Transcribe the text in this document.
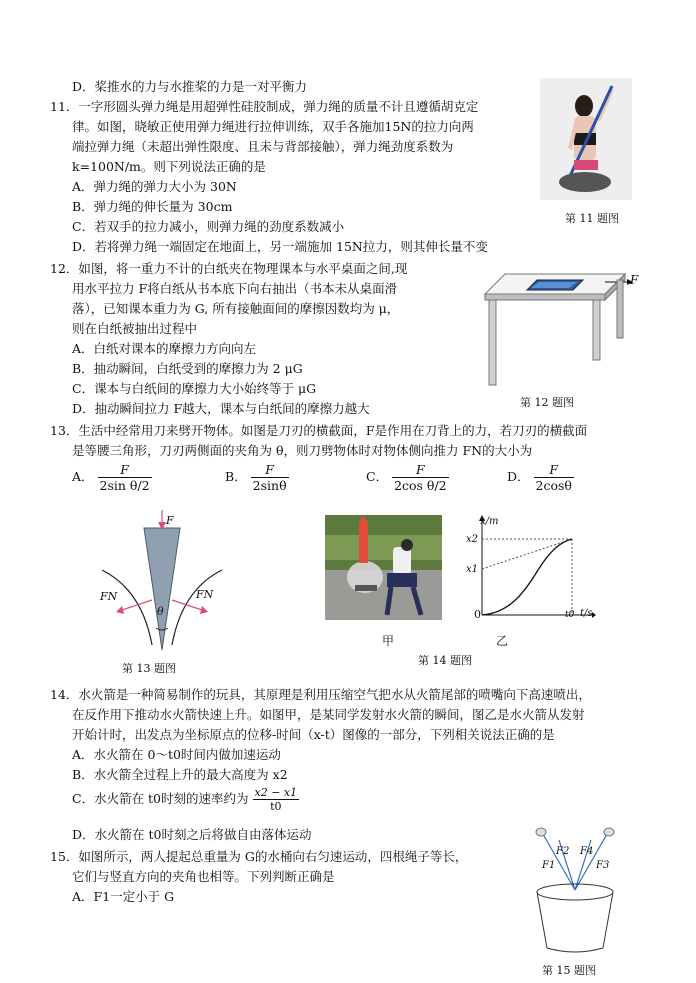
D．桨推水的力与水推桨的力是一对平衡力
11．一字形圆头弹力绳是用超弹性硅胶制成，弹力绳的质量不计且遵循胡克定
律。如图，晓敏正使用弹力绳进行拉伸训练，双手各施加15N的拉力向两
端拉弹力绳（未超出弹性限度、且未与背部接触），弹力绳劲度系数为
k=100N/m。则下列说法正确的是
A．弹力绳的弹力大小为 30N
B．弹力绳的伸长量为 30cm
C．若双手的拉力减小，则弹力绳的劲度系数减小
D．若将弹力绳一端固定在地面上，另一端施加 15N拉力，则其伸长量不变
第 11 题图
12．如图，将一重力不计的白纸夹在物理课本与水平桌面之间,现
用水平拉力 F将白纸从书本底下向右抽出（书本未从桌面滑
落），已知课本重力为 G, 所有接触面间的摩擦因数均为 μ，
则在白纸被抽出过程中
A．白纸对课本的摩擦力方向向左
B．抽动瞬间，白纸受到的摩擦力为 2 μG
C．课本与白纸间的摩擦力大小始终等于 μG
D．抽动瞬间拉力 F越大，课本与白纸间的摩擦力越大
F
第 12 题图
13．生活中经常用刀来劈开物体。如图是刀刃的横截面，F是作用在刀背上的力，若刀刃的横截面
是等腰三角形，刀刃两侧面的夹角为 θ，则刀劈物体时对物体侧向推力 FN的大小为
A． $\frac{F}{\text{2sin θ/2}}$	B． $\frac{F}{2\sin\theta}$	C． $\frac{F}{\text{2cos θ/2}}$	D． $\frac{F}{2\cos\theta}$
F
FN	FN
θ
第 13 题图
甲
x/m
x2
x1
0	t0 t/s
乙
第 14 题图
14．水火箭是一种简易制作的玩具，其原理是利用压缩空气把水从火箭尾部的喷嘴向下高速喷出，
在反作用下推动水火箭快速上升。如图甲，是某同学发射水火箭的瞬间，图乙是水火箭从发射
开始计时，出发点为坐标原点的位移-时间（x-t）图像的一部分，下列相关说法正确的是
A．水火箭在 0～t0时间内做加速运动
B．水火箭全过程上升的最大高度为 x2
C．水火箭在 t0时刻的速率约为 $\frac{x2 - x1}{t0}$
D．水火箭在 t0时刻之后将做自由落体运动
15．如图所示，两人提起总重量为 G的水桶向右匀速运动，四根绳子等长，
它们与竖直方向的夹角也相等。下列判断正确是
A．F1一定小于 G
F1
F2
F3
F4
第 15 题图
